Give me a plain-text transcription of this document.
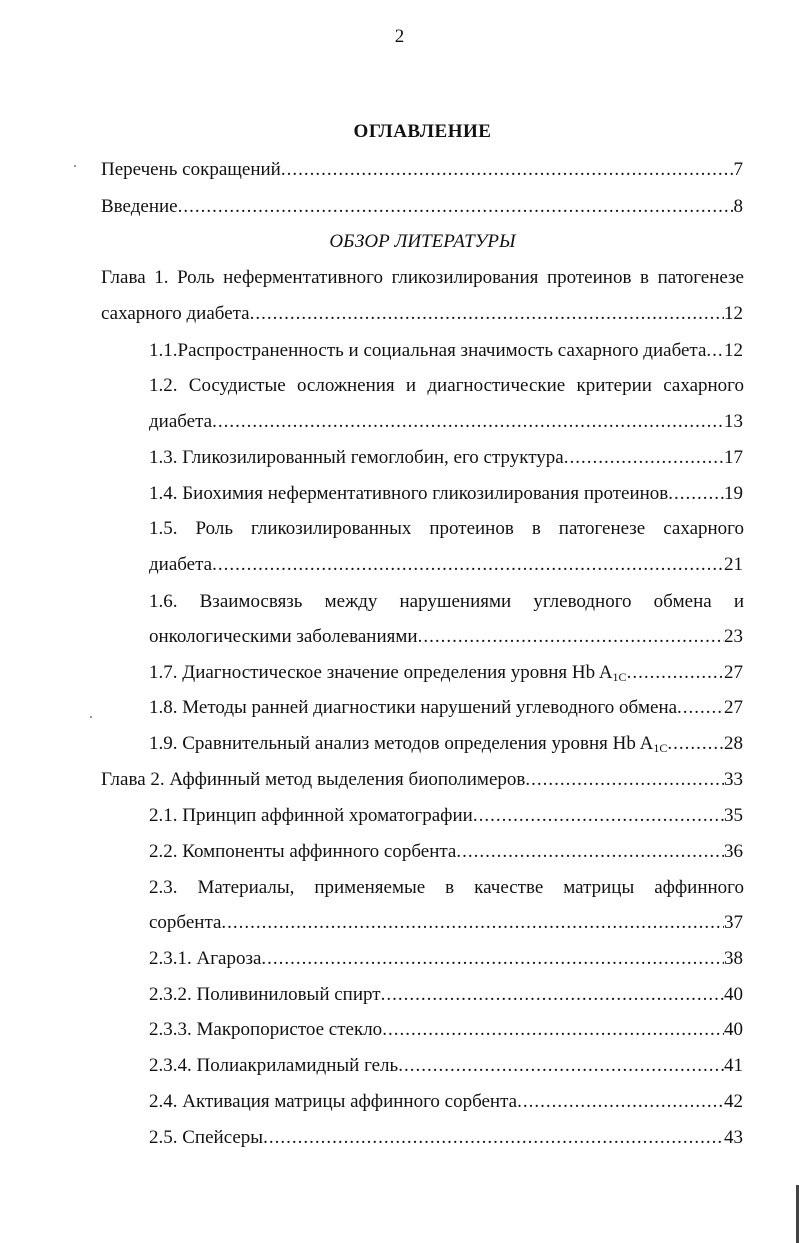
2
ОГЛАВЛЕНИЕ
Перечень сокращений .....	7
Введение .....	8
ОБЗОР ЛИТЕРАТУРЫ
Глава 1. Роль неферментативного гликозилирования протеинов в патогенезе
сахарного диабета .....	12
1.1.Распространенность и социальная значимость сахарного диабета ..... 12
1.2. Сосудистые осложнения и диагностические критерии сахарного
диабета .....	13
1.3. Гликозилированный гемоглобин, его структура .....	17
1.4. Биохимия неферментативного гликозилирования протеинов .....	19
1.5. Роль гликозилированных протеинов в патогенезе сахарного
диабета .....	21
1.6. Взаимосвязь между нарушениями углеводного обмена и
онкологическими заболеваниями .....	23
1.7. Диагностическое значение определения уровня Hb $A_{1C}$ .....	27
1.8. Методы ранней диагностики нарушений углеводного обмена ..... 27
1.9. Сравнительный анализ методов определения уровня Hb $A_{1C}$ .....	28
Глава 2. Аффинный метод выделения биополимеров .....	33
2.1. Принцип аффинной хроматографии .....	35
2.2. Компоненты аффинного сорбента .....	36
2.3. Материалы, применяемые в качестве матрицы аффинного
сорбента .....	37
2.3.1. Агароза .....	38
2.3.2. Поливиниловый спирт .....	40
2.3.3. Макропористое стекло .....	40
2.3.4. Полиакриламидный гель .....	41
2.4. Активация матрицы аффинного сорбента .....	42
2.5. Спейсеры .....	43
